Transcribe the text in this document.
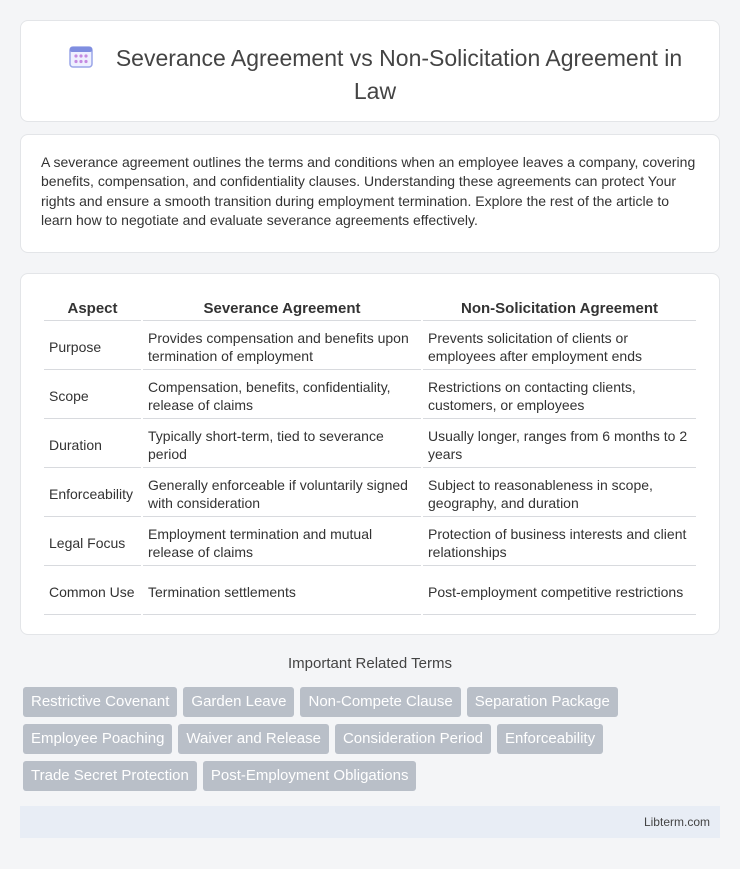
Severance Agreement vs Non-Solicitation Agreement in Law

A severance agreement outlines the terms and conditions when an employee leaves a company, covering benefits, compensation, and confidentiality clauses. Understanding these agreements can protect Your rights and ensure a smooth transition during employment termination. Explore the rest of the article to learn how to negotiate and evaluate severance agreements effectively.

Aspect	Severance Agreement	Non-Solicitation Agreement
Purpose	Provides compensation and benefits upon termination of employment	Prevents solicitation of clients or employees after employment ends
Scope	Compensation, benefits, confidentiality, release of claims	Restrictions on contacting clients, customers, or employees
Duration	Typically short-term, tied to severance period	Usually longer, ranges from 6 months to 2 years
Enforceability	Generally enforceable if voluntarily signed with consideration	Subject to reasonableness in scope, geography, and duration
Legal Focus	Employment termination and mutual release of claims	Protection of business interests and client relationships
Common Use	Termination settlements	Post-employment competitive restrictions
Important Related Terms
Restrictive Covenant	Garden Leave	Non-Compete Clause	Separation Package
Employee Poaching	Waiver and Release	Consideration Period	Enforceability
Trade Secret Protection	Post-Employment Obligations
Libterm.com
